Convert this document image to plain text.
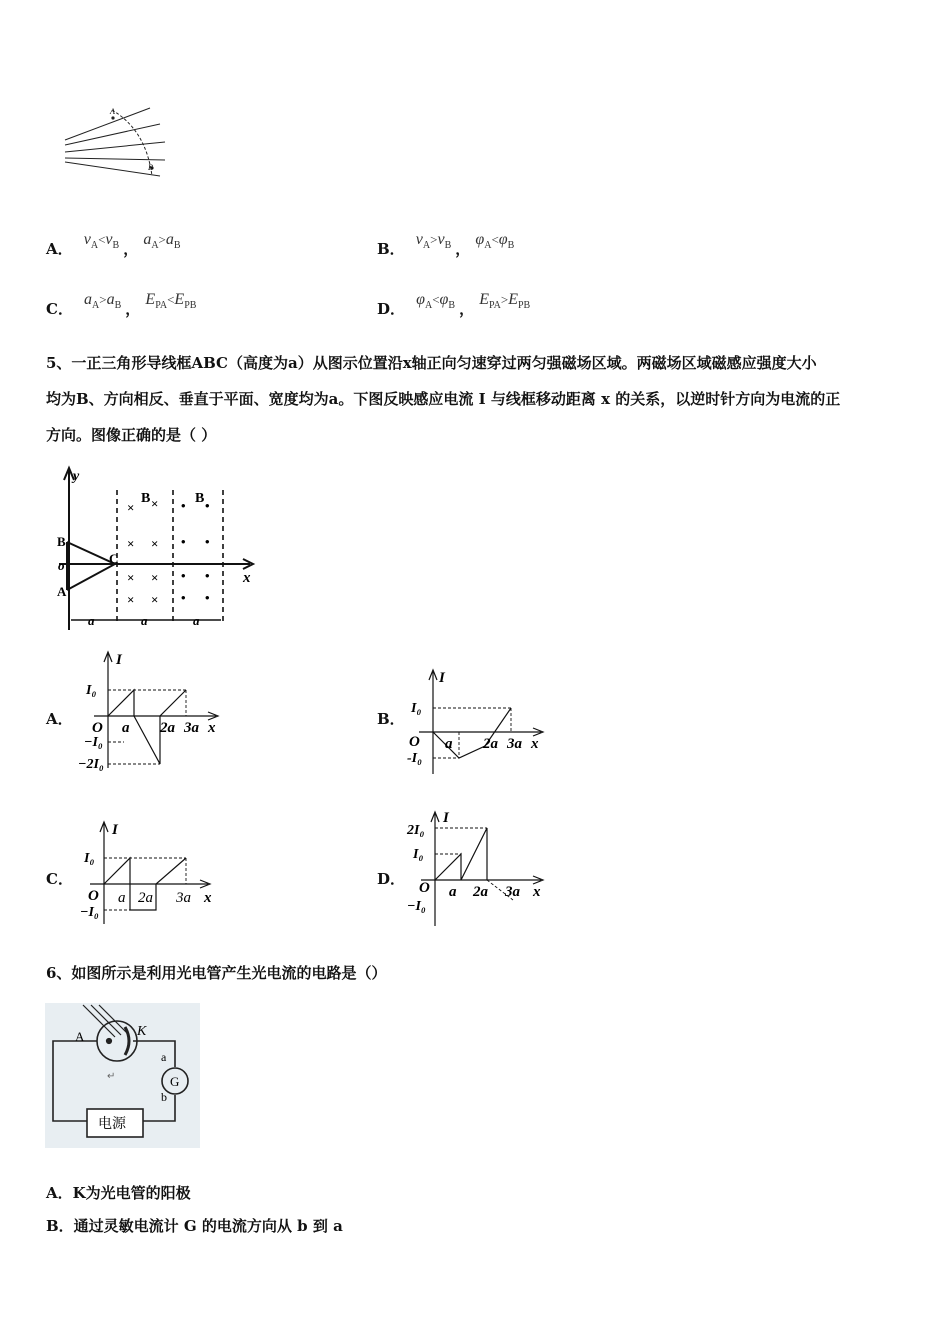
A
B
A． $v_A<v_B$ ， $a_A>a_B$	B． $v_A>v_B$ ， $\varphi_A<\varphi_B$
C． $a_A>a_B$ ， $E_{PA}<E_{PB}$	D． $\varphi_A<\varphi_B$ ， $E_{PA}>E_{PB}$
5、一正三角形导线框ABC（高度为a）从图示位置沿x轴正向匀速穿过两匀强磁场区域。两磁场区域磁感应强度大小
均为B、方向相反、垂直于平面、宽度均为a。下图反映感应电流 I 与线框移动距离 x 的关系，以逆时针方向为电流的正
方向。图像正确的是（ ）
y
x
B
o
A
C
B	B
× ×
× ×
× ×
× ×
• •
• •
• •
• •
a	a	a
A．
I
O	x
a 2a 3a
I₀
−I₀
−2I₀
B．
I
O	x
a 2a 3a
I₀
-I₀
C．
I
O	x
a 2a 3a
I₀
−I₀
D．
I
O	x
a 2a 3a
2I₀
I₀
−I₀
6、如图所示是利用光电管产生光电流的电路是（）
A	K
a
b
G
电源
↵
A．K为光电管的阳极
B．通过灵敏电流计 G 的电流方向从 b 到 a
